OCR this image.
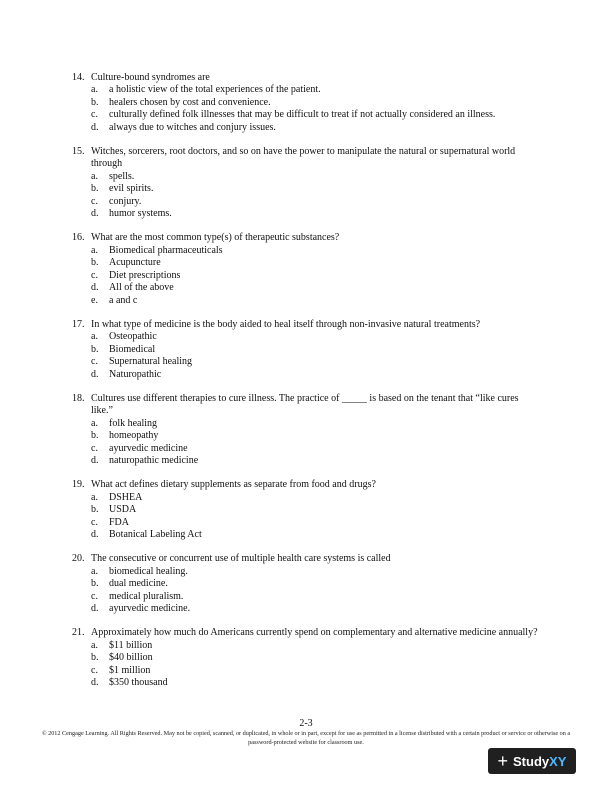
14. Culture-bound syndromes are
a.	a holistic view of the total experiences of the patient.
b.	healers chosen by cost and convenience.
c.	culturally defined folk illnesses that may be difficult to treat if not actually considered an illness.
d.	always due to witches and conjury issues.
15. Witches, sorcerers, root doctors, and so on have the power to manipulate the natural or supernatural world through
a.	spells.
b.	evil spirits.
c.	conjury.
d.	humor systems.
16. What are the most common type(s) of therapeutic substances?
a.	Biomedical pharmaceuticals
b.	Acupuncture
c.	Diet prescriptions
d.	All of the above
e.	a and c
17. In what type of medicine is the body aided to heal itself through non-invasive natural treatments?
a.	Osteopathic
b.	Biomedical
c.	Supernatural healing
d.	Naturopathic
18. Cultures use different therapies to cure illness. The practice of _____ is based on the tenant that “like cures like.”
a.	folk healing
b.	homeopathy
c.	ayurvedic medicine
d.	naturopathic medicine
19. What act defines dietary supplements as separate from food and drugs?
a.	DSHEA
b.	USDA
c.	FDA
d.	Botanical Labeling Act
20. The consecutive or concurrent use of multiple health care systems is called
a.	biomedical healing.
b.	dual medicine.
c.	medical pluralism.
d.	ayurvedic medicine.
21. Approximately how much do Americans currently spend on complementary and alternative medicine annually?
a.	$11 billion
b.	$40 billion
c.	$1 million
d.	$350 thousand
2-3
© 2012 Cengage Learning. All Rights Reserved. May not be copied, scanned, or duplicated, in whole or in part, except for use as permitted in a license distributed with a certain product or service or otherwise on a password-protected website for classroom use.
+ Study XY
